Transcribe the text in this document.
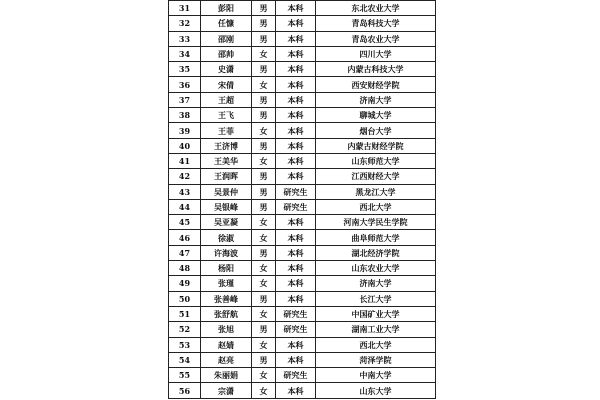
31	彭阳	男	本科	东北农业大学
32	任慷	男	本科	青岛科技大学
33	邵刚	男	本科	青岛农业大学
34	邵帅	女	本科	四川大学
35	史潇	男	本科	内蒙古科技大学
36	宋倩	女	本科	西安财经学院
37	王超	男	本科	济南大学
38	王飞	男	本科	聊城大学
39	王菲	女	本科	烟台大学
40	王济博	男	本科	内蒙古财经学院
41	王美华	女	本科	山东师范大学
42	王润晖	男	本科	江西财经大学
43	吴景仲	男	研究生	黑龙江大学
44	吴银峰	男	研究生	西北大学
45	吴亚凝	女	本科	河南大学民生学院
46	徐淑	女	本科	曲阜师范大学
47	许海波	男	本科	湖北经济学院
48	杨阳	女	本科	山东农业大学
49	张瑾	女	本科	济南大学
50	张善峰	男	本科	长江大学
51	张舒航	女	研究生	中国矿业大学
52	张旭	男	研究生	湖南工业大学
53	赵婧	女	本科	西北大学
54	赵亮	男	本科	菏泽学院
55	朱丽娟	女	研究生	中南大学
56	宗潇	女	本科	山东大学
